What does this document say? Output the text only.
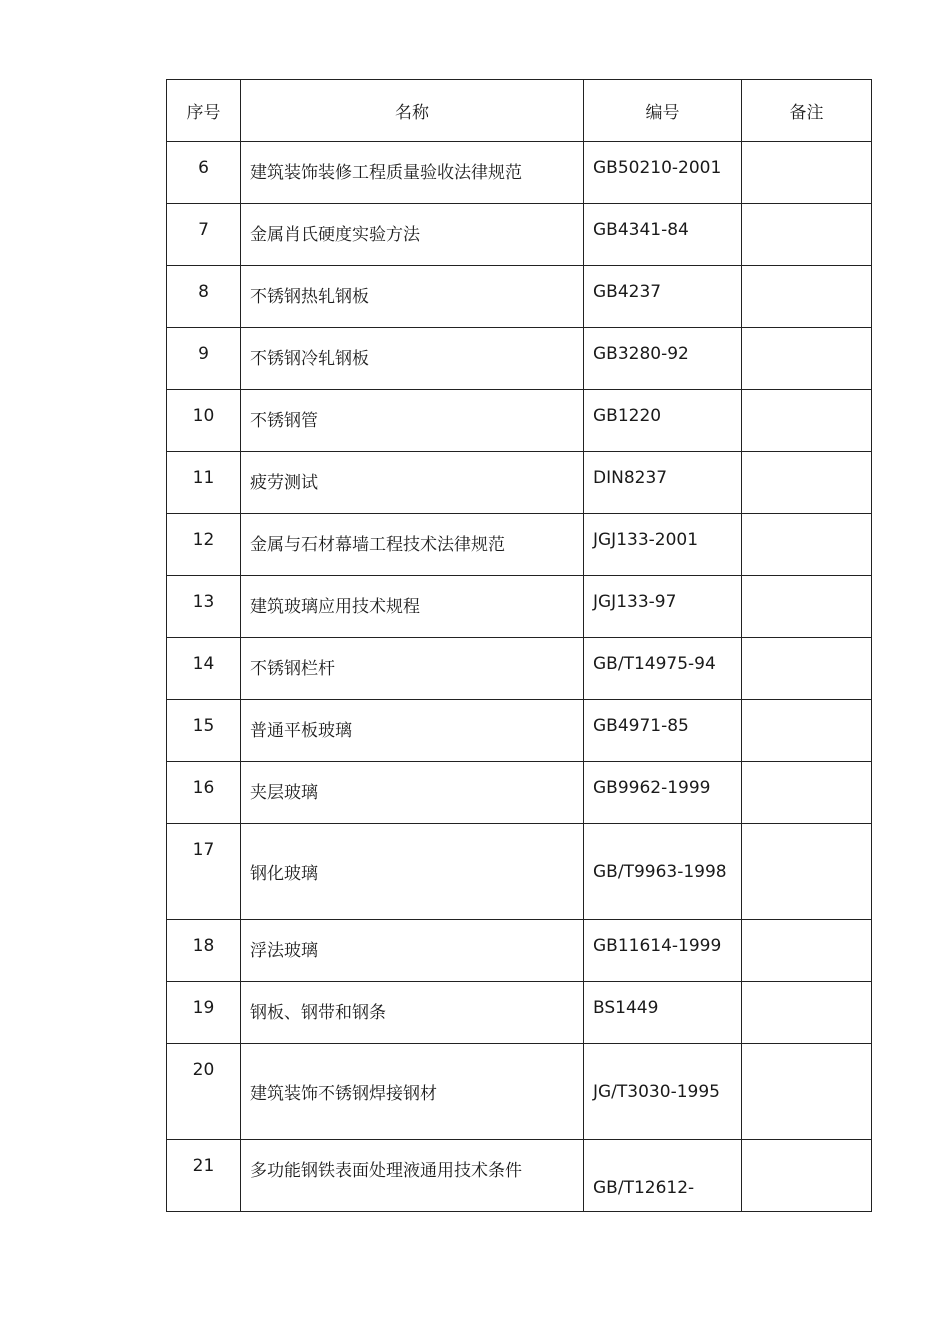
序号	名称	编号	备注
6	建筑装饰装修工程质量验收法律规范	GB50210-2001	
7	金属肖氏硬度实验方法	GB4341-84	
8	不锈钢热轧钢板	GB4237	
9	不锈钢冷轧钢板	GB3280-92	
10	不锈钢管	GB1220	
11	疲劳测试	DIN8237	
12	金属与石材幕墙工程技术法律规范	JGJ133-2001	
13	建筑玻璃应用技术规程	JGJ133-97	
14	不锈钢栏杆	GB/T14975-94	
15	普通平板玻璃	GB4971-85	
16	夹层玻璃	GB9962-1999	
17	钢化玻璃	GB/T9963-1998	
18	浮法玻璃	GB11614-1999	
19	钢板、钢带和钢条	BS1449	
20	建筑装饰不锈钢焊接钢材	JG/T3030-1995	
21	多功能钢铁表面处理液通用技术条件	GB/T12612-	
